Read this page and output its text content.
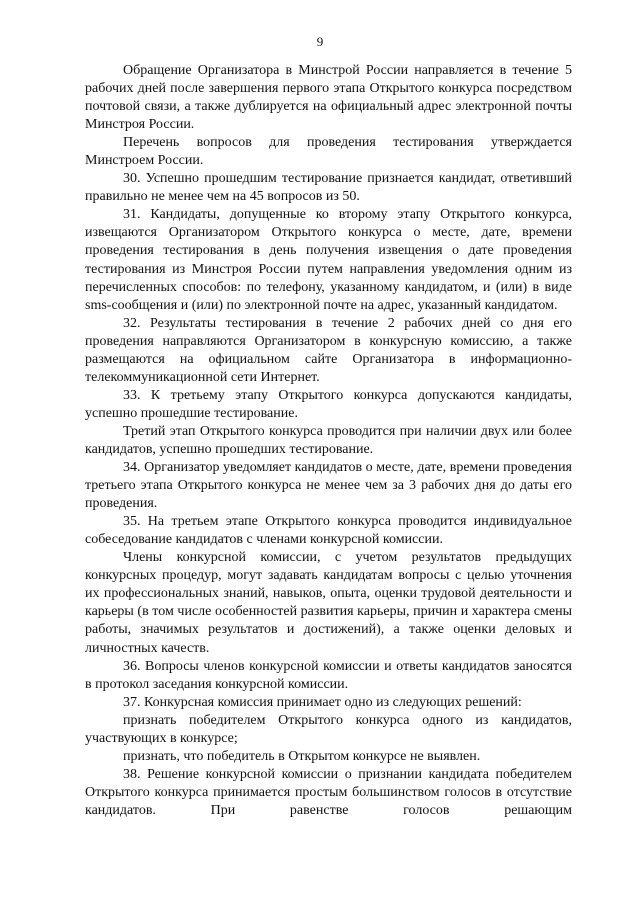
9

Обращение Организатора в Минстрой России направляется в течение 5 рабочих дней после завершения первого этапа Открытого конкурса посредством почтовой связи, а также дублируется на официальный адрес электронной почты Минстроя России.

Перечень вопросов для проведения тестирования утверждается Минстроем России.

30. Успешно прошедшим тестирование признается кандидат, ответивший правильно не менее чем на 45 вопросов из 50.

31. Кандидаты, допущенные ко второму этапу Открытого конкурса, извещаются Организатором Открытого конкурса о месте, дате, времени проведения тестирования в день получения извещения о дате проведения тестирования из Минстроя России путем направления уведомления одним из перечисленных способов: по телефону, указанному кандидатом, и (или) в виде sms-сообщения и (или) по электронной почте на адрес, указанный кандидатом.

32. Результаты тестирования в течение 2 рабочих дней со дня его проведения направляются Организатором в конкурсную комиссию, а также размещаются на официальном сайте Организатора в информационно-телекоммуникационной сети Интернет.

33. К третьему этапу Открытого конкурса допускаются кандидаты, успешно прошедшие тестирование.

Третий этап Открытого конкурса проводится при наличии двух или более кандидатов, успешно прошедших тестирование.

34. Организатор уведомляет кандидатов о месте, дате, времени проведения третьего этапа Открытого конкурса не менее чем за 3 рабочих дня до даты его проведения.

35. На третьем этапе Открытого конкурса проводится индивидуальное собеседование кандидатов с членами конкурсной комиссии.

Члены конкурсной комиссии, с учетом результатов предыдущих конкурсных процедур, могут задавать кандидатам вопросы с целью уточнения их профессиональных знаний, навыков, опыта, оценки трудовой деятельности и карьеры (в том числе особенностей развития карьеры, причин и характера смены работы, значимых результатов и достижений), а также оценки деловых и личностных качеств.

36. Вопросы членов конкурсной комиссии и ответы кандидатов заносятся в протокол заседания конкурсной комиссии.

37. Конкурсная комиссия принимает одно из следующих решений:

признать победителем Открытого конкурса одного из кандидатов, участвующих в конкурсе;

признать, что победитель в Открытом конкурсе не выявлен.

38. Решение конкурсной комиссии о признании кандидата победителем Открытого конкурса принимается простым большинством голосов в отсутствие кандидатов. При равенстве голосов решающим
